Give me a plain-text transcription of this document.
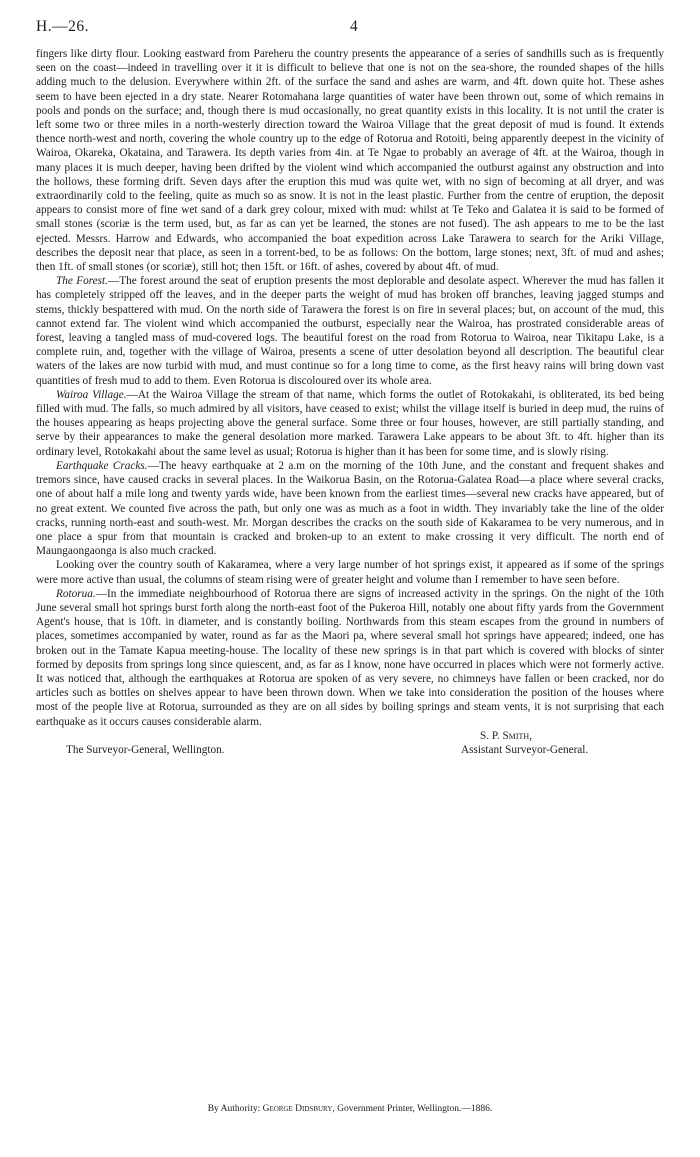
H.—26.	4

fingers like dirty flour. Looking eastward from Pareheru the country presents the appearance of a series of sandhills such as is frequently seen on the coast—indeed in travelling over it it is difficult to believe that one is not on the sea-shore, the rounded shapes of the hills adding much to the delusion. Everywhere within 2ft. of the surface the sand and ashes are warm, and 4ft. down quite hot. These ashes seem to have been ejected in a dry state. Nearer Rotomahana large quantities of water have been thrown out, some of which remains in pools and ponds on the surface; and, though there is mud occasionally, no great quantity exists in this locality. It is not until the crater is left some two or three miles in a north-westerly direction toward the Wairoa Village that the great deposit of mud is found. It extends thence north-west and north, covering the whole country up to the edge of Rotorua and Rotoiti, being apparently deepest in the vicinity of Wairoa, Okareka, Okataina, and Tarawera. Its depth varies from 4in. at Te Ngae to probably an average of 4ft. at the Wairoa, though in many places it is much deeper, having been drifted by the violent wind which accompanied the outburst against any obstruction and into the hollows, these forming drift. Seven days after the eruption this mud was quite wet, with no sign of becoming at all dryer, and was extraordinarily cold to the feeling, quite as much so as snow. It is not in the least plastic. Further from the centre of eruption, the deposit appears to consist more of fine wet sand of a dark grey colour, mixed with mud: whilst at Te Teko and Galatea it is said to be formed of small stones (scoriæ is the term used, but, as far as can yet be learned, the stones are not fused). The ash appears to me to be the last ejected. Messrs. Harrow and Edwards, who accompanied the boat expedition across Lake Tarawera to search for the Ariki Village, describes the deposit near that place, as seen in a torrent-bed, to be as follows: On the bottom, large stones; next, 3ft. of mud and ashes; then 1ft. of small stones (or scoriæ), still hot; then 15ft. or 16ft. of ashes, covered by about 4ft. of mud.

The Forest.—The forest around the seat of eruption presents the most deplorable and desolate aspect. Wherever the mud has fallen it has completely stripped off the leaves, and in the deeper parts the weight of mud has broken off branches, leaving jagged stumps and stems, thickly bespattered with mud. On the north side of Tarawera the forest is on fire in several places; but, on account of the mud, this cannot extend far. The violent wind which accompanied the outburst, especially near the Wairoa, has prostrated considerable areas of forest, leaving a tangled mass of mud-covered logs. The beautiful forest on the road from Rotorua to Wairoa, near Tikitapu Lake, is a complete ruin, and, together with the village of Wairoa, presents a scene of utter desolation beyond all description. The beautiful clear waters of the lakes are now turbid with mud, and must continue so for a long time to come, as the first heavy rains will bring down vast quantities of fresh mud to add to them. Even Rotorua is discoloured over its whole area.

Wairoa Village.—At the Wairoa Village the stream of that name, which forms the outlet of Rotokakahi, is obliterated, its bed being filled with mud. The falls, so much admired by all visitors, have ceased to exist; whilst the village itself is buried in deep mud, the ruins of the houses appearing as heaps projecting above the general surface. Some three or four houses, however, are still partially standing, and serve by their appearances to make the general desolation more marked. Tarawera Lake appears to be about 3ft. to 4ft. higher than its ordinary level, Rotokakahi about the same level as usual; Rotorua is higher than it has been for some time, and is slowly rising.

Earthquake Cracks.—The heavy earthquake at 2 a.m on the morning of the 10th June, and the constant and frequent shakes and tremors since, have caused cracks in several places. In the Waikorua Basin, on the Rotorua-Galatea Road—a place where several cracks, one of about half a mile long and twenty yards wide, have been known from the earliest times—several new cracks have appeared, but of no great extent. We counted five across the path, but only one was as much as a foot in width. They invariably take the line of the older cracks, running north-east and south-west. Mr. Morgan describes the cracks on the south side of Kakaramea to be very numerous, and in one place a spur from that mountain is cracked and broken-up to an extent to make crossing it very difficult. The north end of Maungaongaonga is also much cracked.

Looking over the country south of Kakaramea, where a very large number of hot springs exist, it appeared as if some of the springs were more active than usual, the columns of steam rising were of greater height and volume than I remember to have seen before.

Rotorua.—In the immediate neighbourhood of Rotorua there are signs of increased activity in the springs. On the night of the 10th June several small hot springs burst forth along the north-east foot of the Pukeroa Hill, notably one about fifty yards from the Government Agent's house, that is 10ft. in diameter, and is constantly boiling. Northwards from this steam escapes from the ground in numbers of places, sometimes accompanied by water, round as far as the Maori pa, where several small hot springs have appeared; indeed, one has broken out in the Tamate Kapua meeting-house. The locality of these new springs is in that part which is covered with blocks of sinter formed by deposits from springs long since quiescent, and, as far as I know, none have occurred in places which were not formerly active. It was noticed that, although the earthquakes at Rotorua are spoken of as very severe, no chimneys have fallen or been cracked, nor do articles such as bottles on shelves appear to have been thrown down. When we take into consideration the position of the houses where most of the people live at Rotorua, surrounded as they are on all sides by boiling springs and steam vents, it is not surprising that each earthquake as it occurs causes considerable alarm.

S. P. Smith,
The Surveyor-General, Wellington.	Assistant Surveyor-General.
By Authority: George Didsbury, Government Printer, Wellington.—1886.
